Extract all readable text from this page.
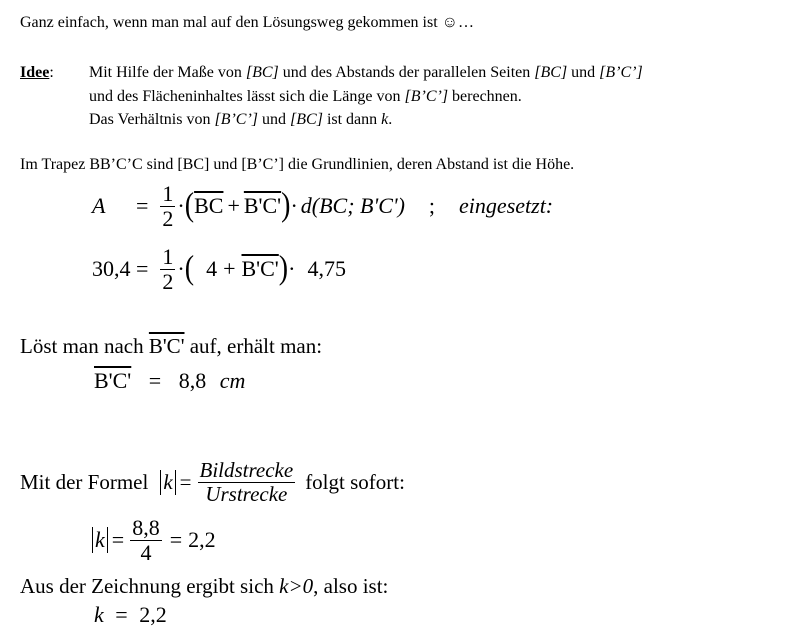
Ganz einfach, wenn man mal auf den Lösungsweg gekommen ist ☺…
Idee: Mit Hilfe der Maße von [BC] und des Abstands der parallelen Seiten [BC] und [B’C’]
und des Flächeninhaltes lässt sich die Länge von [B’C’] berechnen.
Das Verhältnis von [B’C’] und [BC] ist dann k.
Im Trapez BB’C’C sind [BC] und [B’C’] die Grundlinien, deren Abstand ist die Höhe.
A	= $\frac{1}{2}$ · ( $\overline{BC} + B'C'$ ) · d (BC; B'C') ; eingesetzt:
$30,4 = \frac{1}{2}$ · ( 4 + B'C' ) · 4,75
Löst man nach B'C' auf, erhält man:
B'C' = 8,8 cm
Mit der Formel $k = \frac{\text{Bildstrecke}}{\text{Urstrecke}}$ folgt sofort:
$k = \frac{8,8}{4} = 2,2$
Aus der Zeichnung ergibt sich k>0, also ist:
k = 2,2
